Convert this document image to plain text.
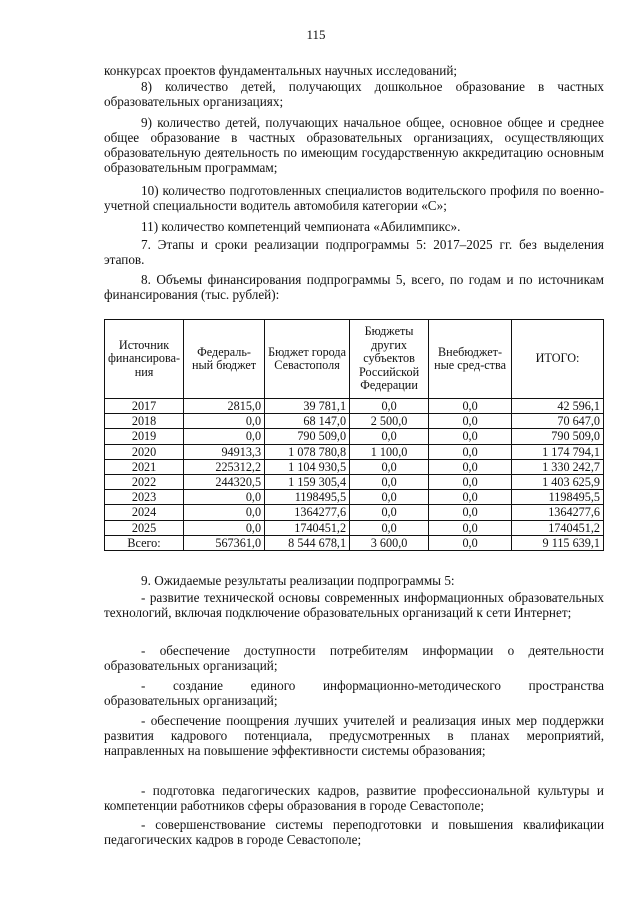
115
конкурсах проектов фундаментальных научных исследований;
8) количество детей, получающих дошкольное образование в частных образовательных организациях;
9) количество детей, получающих начальное общее, основное общее и среднее общее образование в частных образовательных организациях, осуществляющих образовательную деятельность по имеющим государственную аккредитацию основным образовательным программам;
10) количество подготовленных специалистов водительского профиля по военно-учетной специальности водитель автомобиля категории «С»;
11) количество компетенций чемпионата «Абилимпикс».
7. Этапы и сроки реализации подпрограммы 5: 2017–2025 гг. без выделения этапов.
8. Объемы финансирования подпрограммы 5, всего, по годам и по источникам финансирования (тыс. рублей):
Источник финансирова-ния	Федераль-ный бюджет	Бюджет города Севастополя	Бюджеты других субъектов Российской Федерации	Внебюджет-ные сред-ства	ИТОГО:
2017	2815,0	39 781,1	0,0	0,0	42 596,1
2018	0,0	68 147,0	2 500,0	0,0	70 647,0
2019	0,0	790 509,0	0,0	0,0	790 509,0
2020	94913,3	1 078 780,8	1 100,0	0,0	1 174 794,1
2021	225312,2	1 104 930,5	0,0	0,0	1 330 242,7
2022	244320,5	1 159 305,4	0,0	0,0	1 403 625,9
2023	0,0	1198495,5	0,0	0,0	1198495,5
2024	0,0	1364277,6	0,0	0,0	1364277,6
2025	0,0	1740451,2	0,0	0,0	1740451,2
Всего:	567361,0	8 544 678,1	3 600,0	0,0	9 115 639,1
9. Ожидаемые результаты реализации подпрограммы 5:
- развитие технической основы современных информационных образовательных технологий, включая подключение образовательных организаций к сети Интернет;
- обеспечение доступности потребителям информации о деятельности образовательных организаций;
- создание единого информационно-методического пространства образовательных организаций;
- обеспечение поощрения лучших учителей и реализация иных мер поддержки развития кадрового потенциала, предусмотренных в планах мероприятий, направленных на повышение эффективности системы образования;
- подготовка педагогических кадров, развитие профессиональной культуры и компетенции работников сферы образования в городе Севастополе;
- совершенствование системы переподготовки и повышения квалификации педагогических кадров в городе Севастополе;
